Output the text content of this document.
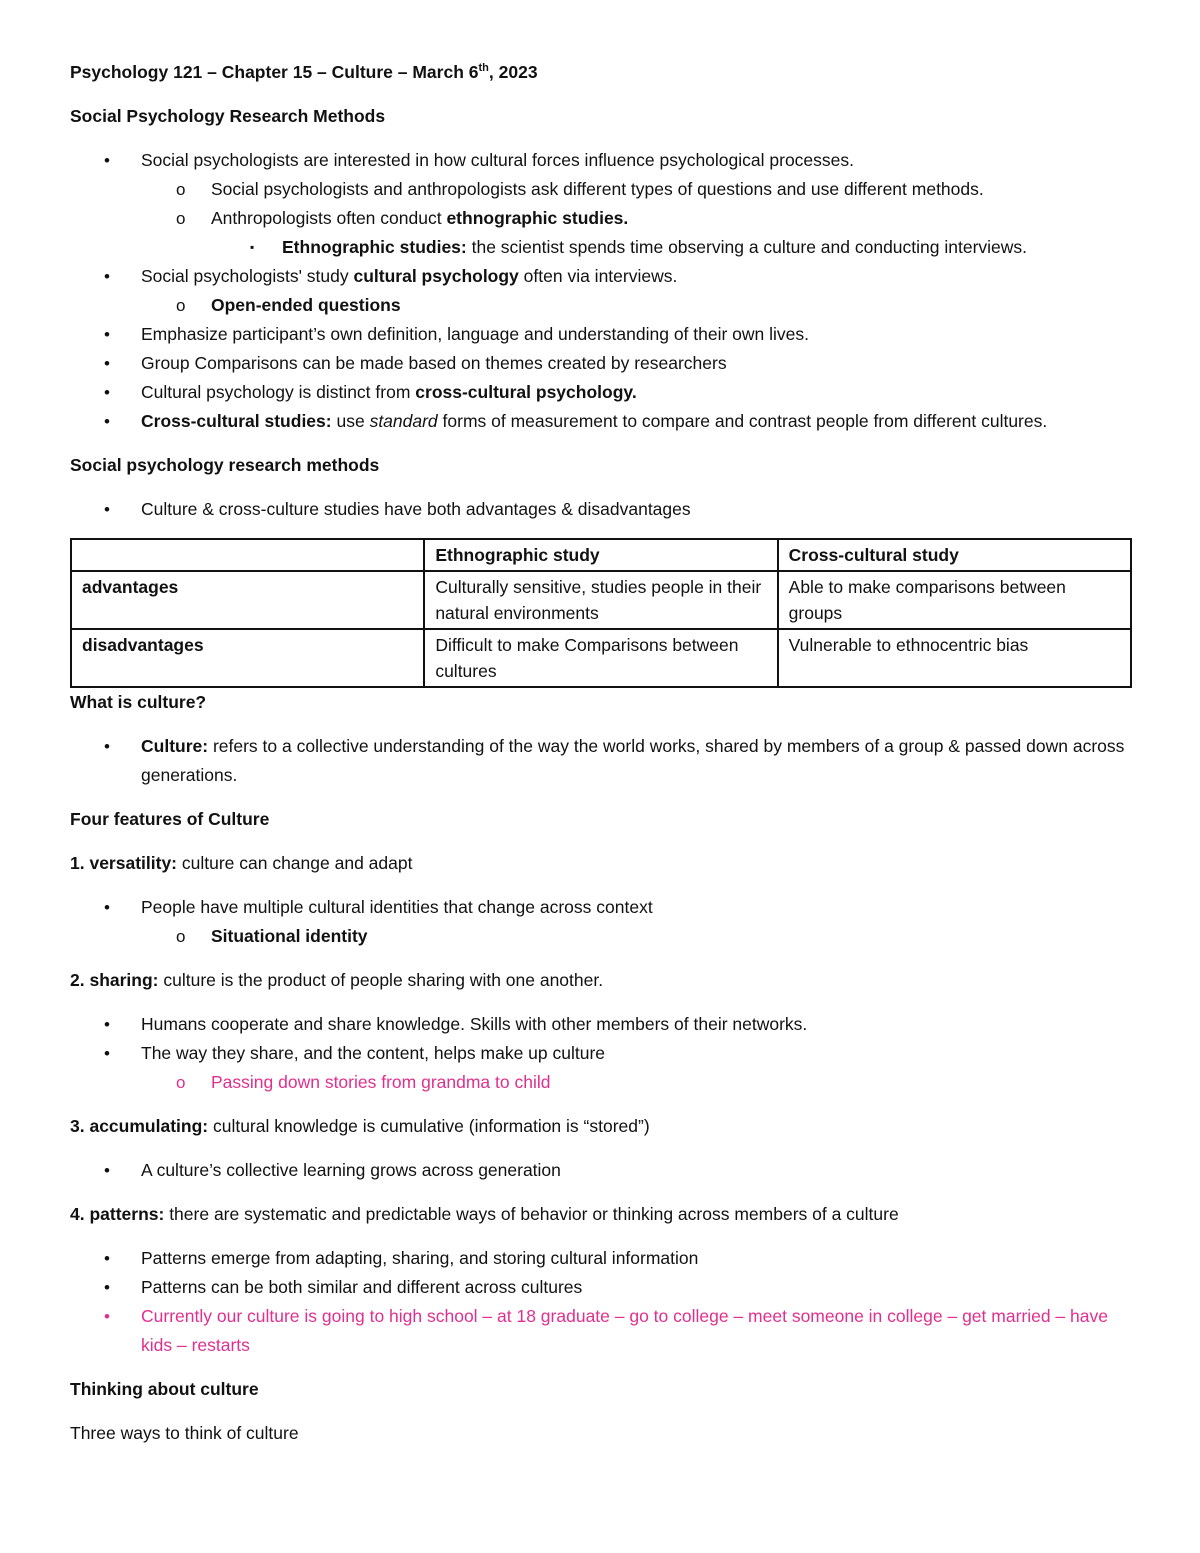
Psychology 121 – Chapter 15 – Culture – March 6th, 2023

Social Psychology Research Methods

• Social psychologists are interested in how cultural forces influence psychological processes.
o Social psychologists and anthropologists ask different types of questions and use different methods.
o Anthropologists often conduct ethnographic studies.
▪ Ethnographic studies: the scientist spends time observing a culture and conducting interviews.
• Social psychologists' study cultural psychology often via interviews.
o Open-ended questions
• Emphasize participant’s own definition, language and understanding of their own lives.
• Group Comparisons can be made based on themes created by researchers
• Cultural psychology is distinct from cross-cultural psychology.
• Cross-cultural studies: use standard forms of measurement to compare and contrast people from different cultures.

Social psychology research methods

• Culture & cross-culture studies have both advantages & disadvantages
	Ethnographic study	Cross-cultural study
advantages	Culturally sensitive, studies people in their natural environments	Able to make comparisons between groups
disadvantages	Difficult to make Comparisons between cultures	Vulnerable to ethnocentric bias

What is culture?

• Culture: refers to a collective understanding of the way the world works, shared by members of a group & passed down across generations.

Four features of Culture

1. versatility: culture can change and adapt

• People have multiple cultural identities that change across context
o Situational identity

2. sharing: culture is the product of people sharing with one another.

• Humans cooperate and share knowledge. Skills with other members of their networks.
• The way they share, and the content, helps make up culture
o Passing down stories from grandma to child

3. accumulating: cultural knowledge is cumulative (information is “stored”)

• A culture’s collective learning grows across generation

4. patterns: there are systematic and predictable ways of behavior or thinking across members of a culture

• Patterns emerge from adapting, sharing, and storing cultural information
• Patterns can be both similar and different across cultures
• Currently our culture is going to high school – at 18 graduate – go to college – meet someone in college – get married – have kids – restarts

Thinking about culture

Three ways to think of culture
